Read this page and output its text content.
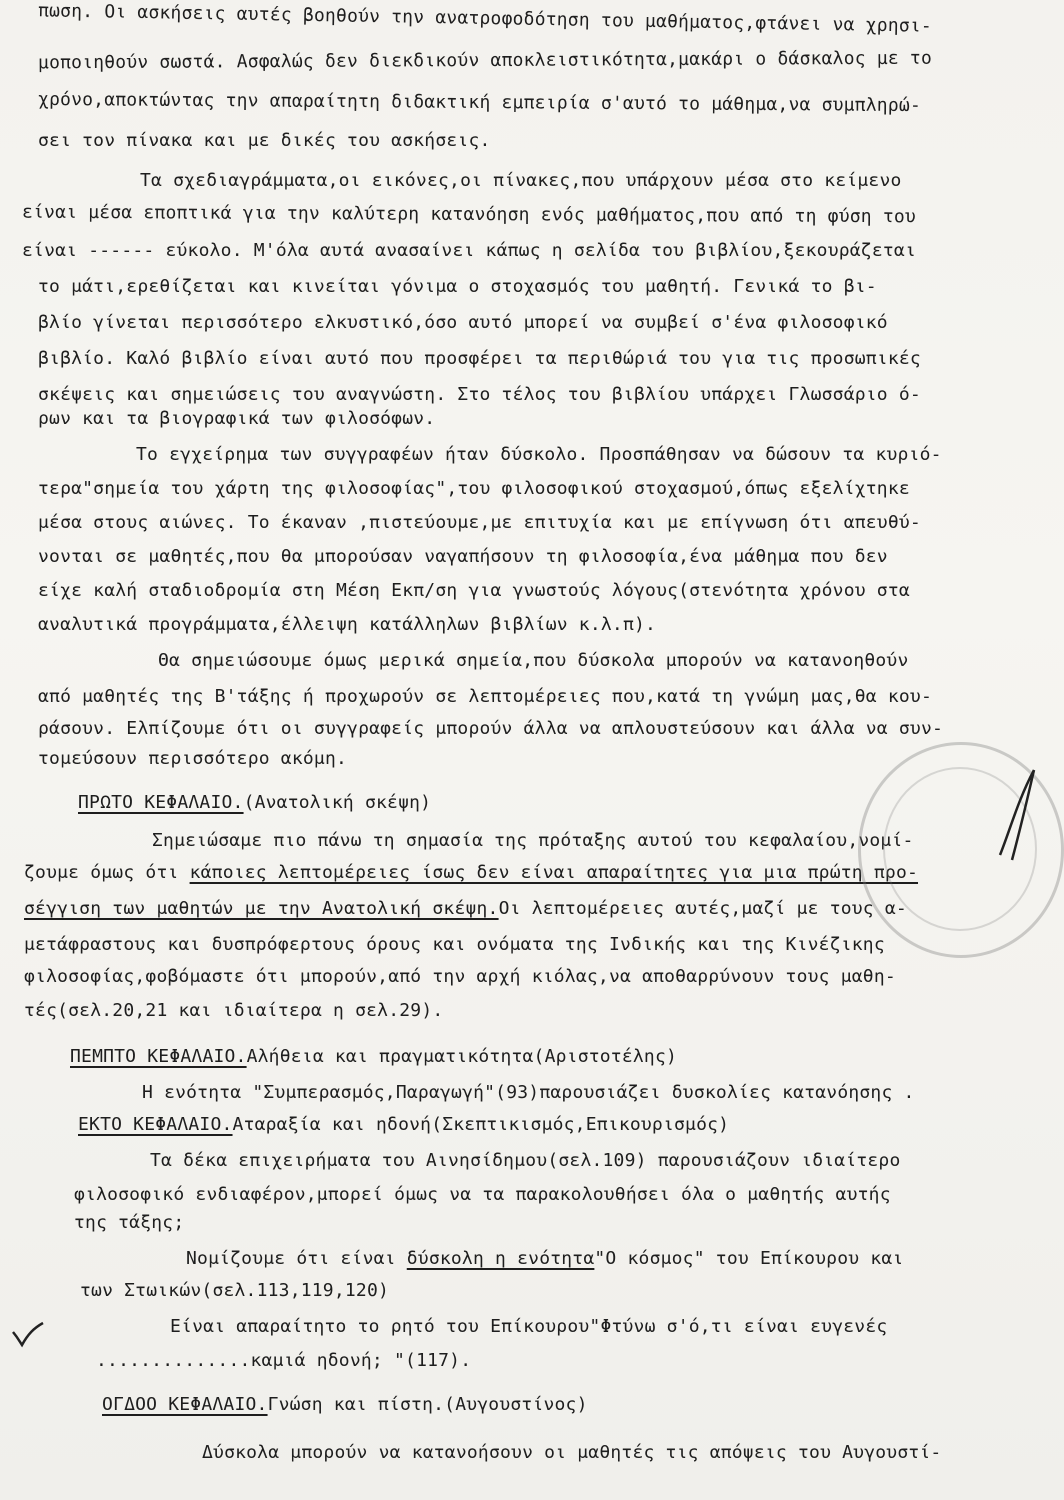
πωση. Οι ασκήσεις αυτές βοηθούν την ανατροφοδότηση του μαθήματος,φτάνει να χρησι-
μοποιηθούν σωστά. Ασφαλώς δεν διεκδικούν αποκλειστικότητα,μακάρι ο δάσκαλος με το
χρόνο,αποκτώντας την απαραίτητη διδακτική εμπειρία σ'αυτό το μάθημα,να συμπληρώ-
σει τον πίνακα και με δικές του ασκήσεις.
Τα σχεδιαγράμματα,οι εικόνες,οι πίνακες,που υπάρχουν μέσα στο κείμενο
είναι μέσα εποπτικά για την καλύτερη κατανόηση ενός μαθήματος,που από τη φύση του
είναι ------ εύκολο. Μ'όλα αυτά ανασαίνει κάπως η σελίδα του βιβλίου,ξεκουράζεται
το μάτι,ερεθίζεται και κινείται γόνιμα ο στοχασμός του μαθητή. Γενικά το βι-
βλίο γίνεται περισσότερο ελκυστικό,όσο αυτό μπορεί να συμβεί σ'ένα φιλοσοφικό
βιβλίο. Καλό βιβλίο είναι αυτό που προσφέρει τα περιθώριά του για τις προσωπικές
σκέψεις και σημειώσεις του αναγνώστη. Στο τέλος του βιβλίου υπάρχει Γλωσσάριο ό-
ρων και τα βιογραφικά των φιλοσόφων.
Το εγχείρημα των συγγραφέων ήταν δύσκολο. Προσπάθησαν να δώσουν τα κυριό-
τερα"σημεία του χάρτη της φιλοσοφίας",του φιλοσοφικού στοχασμού,όπως εξελίχτηκε
μέσα στους αιώνες. Το έκαναν ,πιστεύουμε,με επιτυχία και με επίγνωση ότι απευθύ-
νονται σε μαθητές,που θα μπορούσαν ναγαπήσουν τη φιλοσοφία,ένα μάθημα που δεν
είχε καλή σταδιοδρομία στη Μέση Εκπ/ση για γνωστούς λόγους(στενότητα χρόνου στα
αναλυτικά προγράμματα,έλλειψη κατάλληλων βιβλίων κ.λ.π).
Θα σημειώσουμε όμως μερικά σημεία,που δύσκολα μπορούν να κατανοηθούν
από μαθητές της Β'τάξης ή προχωρούν σε λεπτομέρειες που,κατά τη γνώμη μας,θα κου-
ράσουν. Ελπίζουμε ότι οι συγγραφείς μπορούν άλλα να απλουστεύσουν και άλλα να συν-
τομεύσουν περισσότερο ακόμη.
ΠΡΩΤΟ ΚΕΦΑΛΑΙΟ.(Ανατολική σκέψη)
Σημειώσαμε πιο πάνω τη σημασία της πρόταξης αυτού του κεφαλαίου,νομί-
ζουμε όμως ότι κάποιες λεπτομέρειες ίσως δεν είναι απαραίτητες για μια πρώτη προ-
σέγγιση των μαθητών με την Ανατολική σκέψη.Οι λεπτομέρειες αυτές,μαζί με τους α-
μετάφραστους και δυσπρόφερτους όρους και ονόματα της Ινδικής και της Κινέζικης
φιλοσοφίας,φοβόμαστε ότι μπορούν,από την αρχή κιόλας,να αποθαρρύνουν τους μαθη-
τές(σελ.20,21 και ιδιαίτερα η σελ.29).
ΠΕΜΠΤΟ ΚΕΦΑΛΑΙΟ.Αλήθεια και πραγματικότητα(Αριστοτέλης)
Η ενότητα "Συμπερασμός,Παραγωγή"(93)παρουσιάζει δυσκολίες κατανόησης .
ΕΚΤΟ ΚΕΦΑΛΑΙΟ.Αταραξία και ηδονή(Σκεπτικισμός,Επικουρισμός)
Τα δέκα επιχειρήματα του Αινησίδημου(σελ.109) παρουσιάζουν ιδιαίτερο
φιλοσοφικό ενδιαφέρον,μπορεί όμως να τα παρακολουθήσει όλα ο μαθητής αυτής
της τάξης;
Νομίζουμε ότι είναι δύσκολη η ενότητα"Ο κόσμος" του Επίκουρου και
των Στωικών(σελ.113,119,120)
Είναι απαραίτητο το ρητό του Επίκουρου"Φτύνω σ'ό,τι είναι ευγενές
..............καμιά ηδονή; "(117).
ΟΓΔΟΟ ΚΕΦΑΛΑΙΟ.Γνώση και πίστη.(Αυγουστίνος)
Δύσκολα μπορούν να κατανοήσουν οι μαθητές τις απόψεις του Αυγουστί-
